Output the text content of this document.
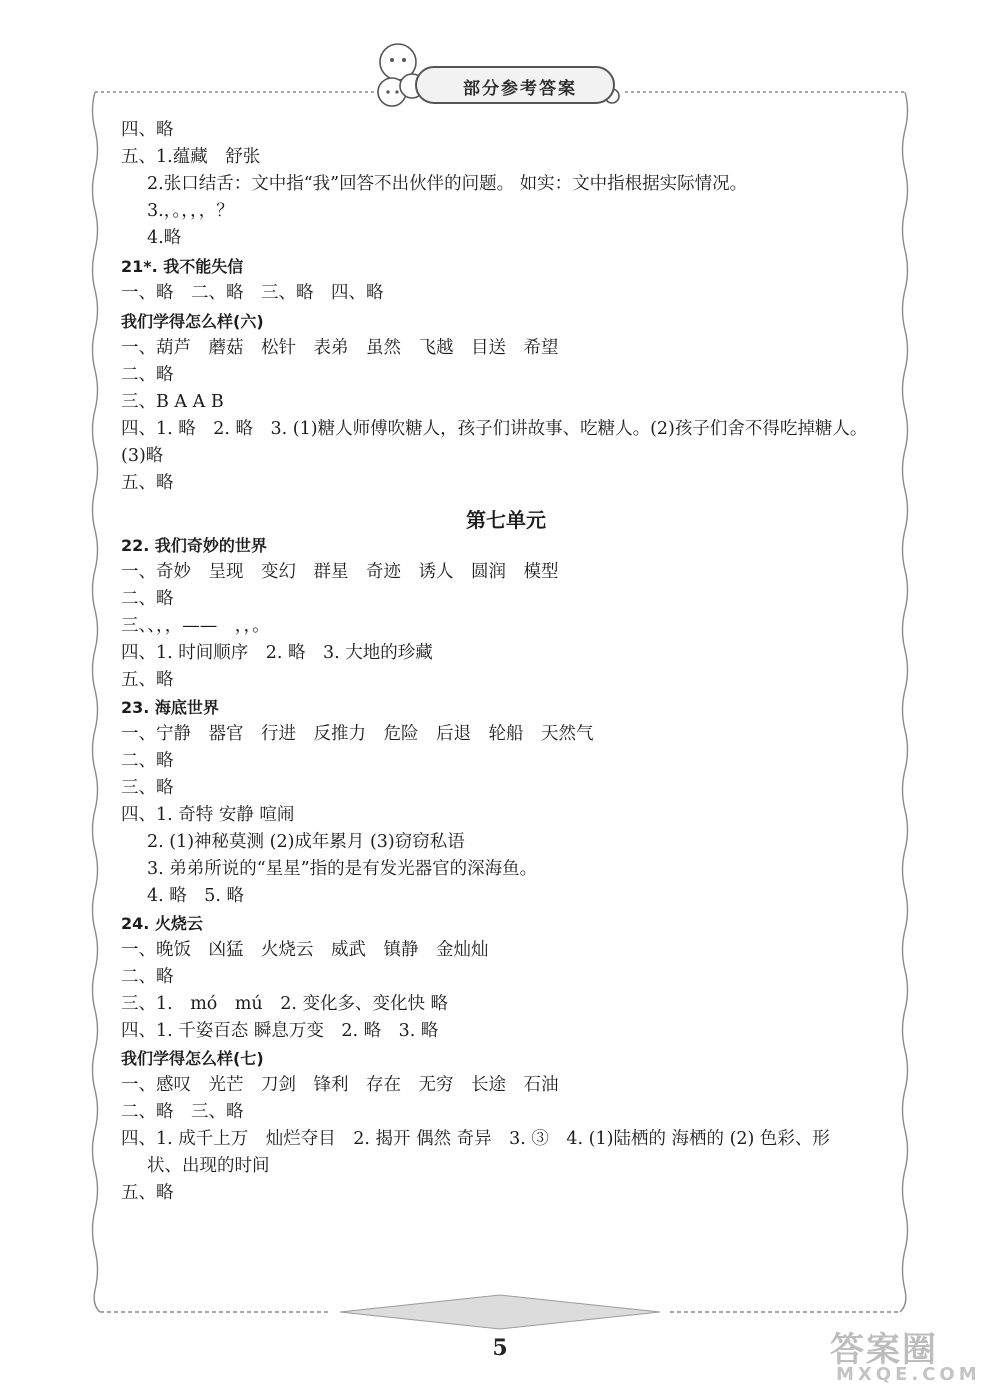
部分参考答案
四、略
五、1.蕴藏　舒张
2.张口结舌：文中指“我”回答不出伙伴的问题。 如实：文中指根据实际情况。
3.，。，，，？
4.略
21*. 我不能失信
一、略　二、略　三、略　四、略
我们学得怎么样(六)
一、葫芦　蘑菇　松针　表弟　虽然　飞越　目送　希望
二、略
三、B A A B
四、1. 略　2. 略　3. (1)糖人师傅吹糖人，孩子们讲故事、吃糖人。(2)孩子们舍不得吃掉糖人。
(3)略
五、略
第七单元
22. 我们奇妙的世界
一、奇妙　呈现　变幻　群星　奇迹　诱人　圆润　模型
二、略
三、、，，——　，，。
四、1. 时间顺序　2. 略　3. 大地的珍藏
五、略
23. 海底世界
一、宁静　器官　行进　反推力　危险　后退　轮船　天然气
二、略
三、略
四、1. 奇特 安静 喧闹
2. (1)神秘莫测 (2)成年累月 (3)窃窃私语
3. 弟弟所说的“星星”指的是有发光器官的深海鱼。
4. 略　5. 略
24. 火烧云
一、晚饭　凶猛　火烧云　威武　镇静　金灿灿
二、略
三、1.　mó　mú　2. 变化多、变化快 略
四、1. 千姿百态 瞬息万变　2. 略　3. 略
我们学得怎么样(七)
一、感叹　光芒　刀剑　锋利　存在　无穷　长途　石油
二、略　三、略
四、1. 成千上万　灿烂夺目　2. 揭开 偶然 奇异　3. ③　4. (1)陆栖的 海栖的 (2) 色彩、形
状、出现的时间
五、略
5	答案圈
MXQE.COM
